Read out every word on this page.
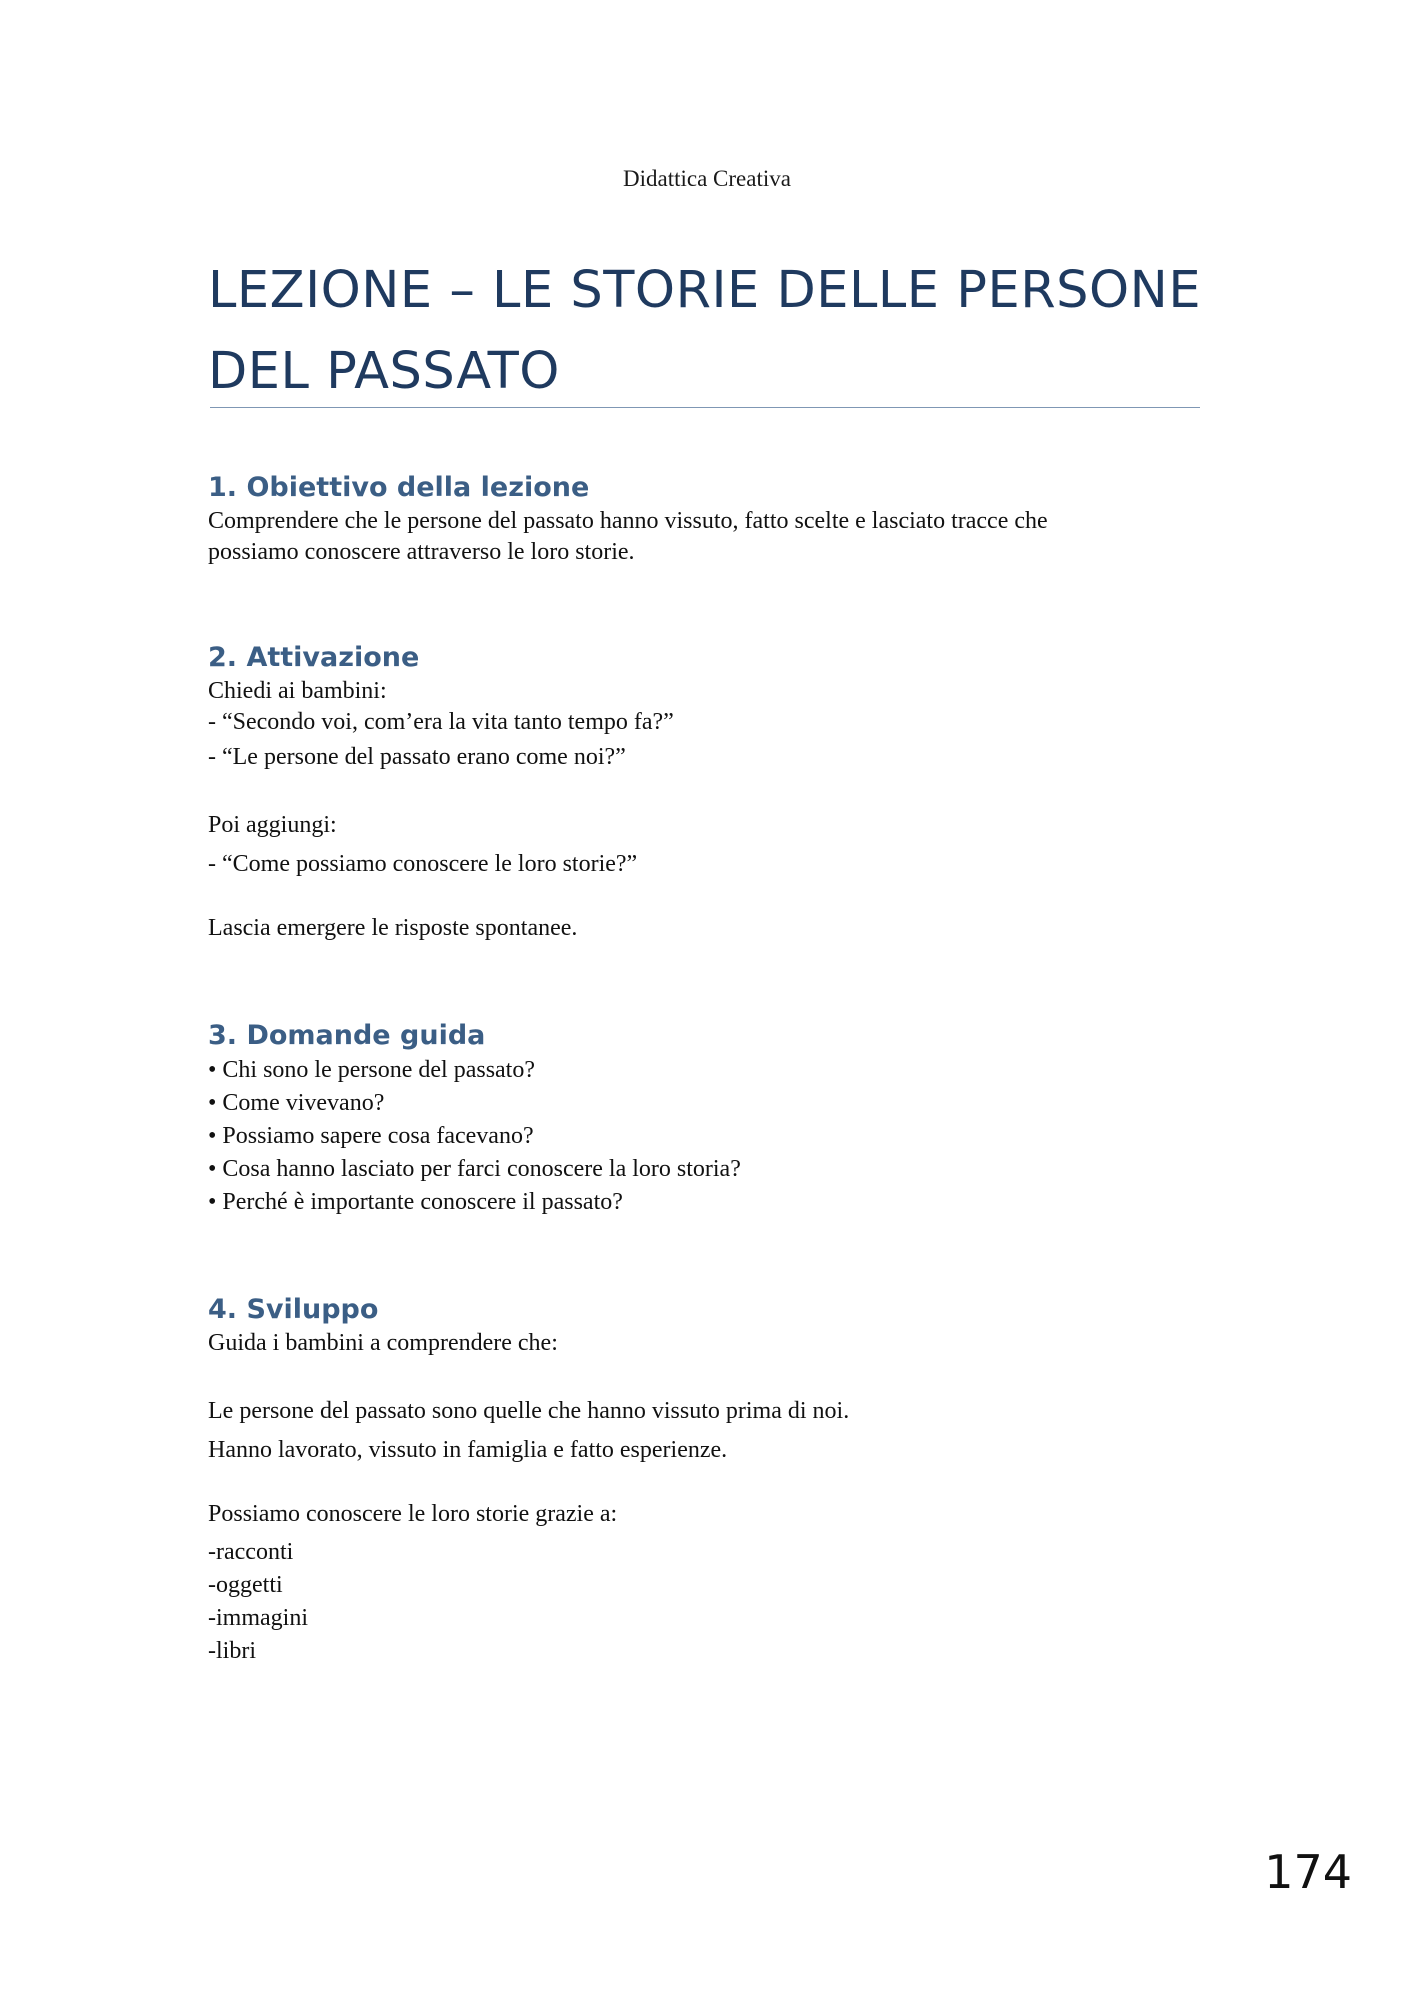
Didattica Creativa
LEZIONE – LE STORIE DELLE PERSONE
DEL PASSATO
1. Obiettivo della lezione
Comprendere che le persone del passato hanno vissuto, fatto scelte e lasciato tracce che
possiamo conoscere attraverso le loro storie.
2. Attivazione
Chiedi ai bambini:
- “Secondo voi, com’era la vita tanto tempo fa?”
- “Le persone del passato erano come noi?”
Poi aggiungi:
- “Come possiamo conoscere le loro storie?”
Lascia emergere le risposte spontanee.
3. Domande guida
• Chi sono le persone del passato?
• Come vivevano?
• Possiamo sapere cosa facevano?
• Cosa hanno lasciato per farci conoscere la loro storia?
• Perché è importante conoscere il passato?
4. Sviluppo
Guida i bambini a comprendere che:
Le persone del passato sono quelle che hanno vissuto prima di noi.
Hanno lavorato, vissuto in famiglia e fatto esperienze.
Possiamo conoscere le loro storie grazie a:
-racconti
-oggetti
-immagini
-libri
174
